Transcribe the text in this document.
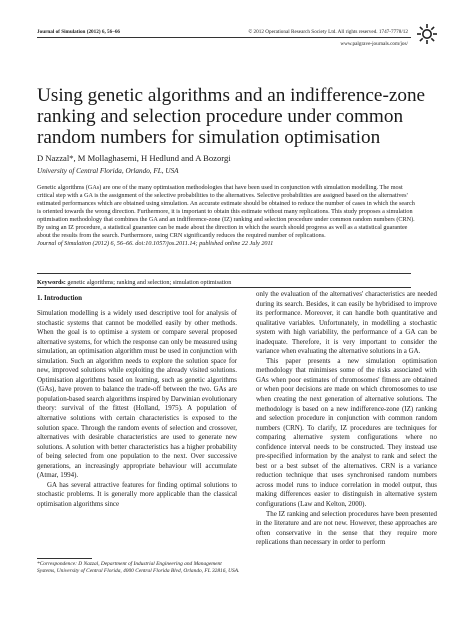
Journal of Simulation (2012) 6, 56–66	© 2012 Operational Research Society Ltd. All rights reserved. 1747-7778/12
www.palgrave-journals.com/jos/
Using genetic algorithms and an indifference-zone ranking and selection procedure under common random numbers for simulation optimisation
D Nazzal*, M Mollaghasemi, H Hedlund and A Bozorgi
University of Central Florida, Orlando, FL, USA

Genetic algorithms (GAs) are one of the many optimisation methodologies that have been used in conjunction with simulation modelling. The most critical step with a GA is the assignment of the selective probabilities to the alternatives. Selective probabilities are assigned based on the alternatives' estimated performances which are obtained using simulation. An accurate estimate should be obtained to reduce the number of cases in which the search is oriented towards the wrong direction. Furthermore, it is important to obtain this estimate without many replications. This study proposes a simulation optimisation methodology that combines the GA and an indifference-zone (IZ) ranking and selection procedure under common random numbers (CRN). By using an IZ procedure, a statistical guarantee can be made about the direction in which the search should progress as well as a statistical guarantee about the results from the search. Furthermore, using CRN significantly reduces the required number of replications.

Journal of Simulation (2012) 6, 56–66. doi:10.1057/jos.2011.14; published online 22 July 2011

Keywords: genetic algorithms; ranking and selection; simulation optimisation
1. Introduction

Simulation modelling is a widely used descriptive tool for analysis of stochastic systems that cannot be modelled easily by other methods. When the goal is to optimise a system or compare several proposed alternative systems, for which the response can only be measured using simulation, an optimisation algorithm must be used in conjunction with simulation. Such an algorithm needs to explore the solution space for new, improved solutions while exploiting the already visited solutions. Optimisation algorithms based on learning, such as genetic algorithms (GAs), have proven to balance the trade-off between the two. GAs are population-based search algorithms inspired by Darwinian evolutionary theory: survival of the fittest (Holland, 1975). A population of alternative solutions with certain characteristics is exposed to the solution space. Through the random events of selection and crossover, alternatives with desirable characteristics are used to generate new solutions. A solution with better characteristics has a higher probability of being selected from one population to the next. Over successive generations, an increasingly appropriate behaviour will accumulate (Atmar, 1994).

GA has several attractive features for finding optimal solutions to stochastic problems. It is generally more applicable than the classical optimisation algorithms since

only the evaluation of the alternatives' characteristics are needed during its search. Besides, it can easily be hybridised to improve its performance. Moreover, it can handle both quantitative and qualitative variables. Unfortunately, in modelling a stochastic system with high variability, the performance of a GA can be inadequate. Therefore, it is very important to consider the variance when evaluating the alternative solutions in a GA.

This paper presents a new simulation optimisation methodology that minimises some of the risks associated with GAs when poor estimates of chromosomes' fitness are obtained or when poor decisions are made on which chromosomes to use when creating the next generation of alternative solutions. The methodology is based on a new indifference-zone (IZ) ranking and selection procedure in conjunction with common random numbers (CRN). To clarify, IZ procedures are techniques for comparing alternative system configurations where no confidence interval needs to be constructed. They instead use pre-specified information by the analyst to rank and select the best or a best subset of the alternatives. CRN is a variance reduction technique that uses synchronised random numbers across model runs to induce correlation in model output, thus making differences easier to distinguish in alternative system configurations (Law and Kelton, 2000).

The IZ ranking and selection procedures have been presented in the literature and are not new. However, these approaches are often conservative in the sense that they require more replications than necessary in order to perform

*Correspondence: D Nazzal, Department of Industrial Engineering and Management Systems, University of Central Florida, 4000 Central Florida Blvd, Orlando, FL 32816, USA.
